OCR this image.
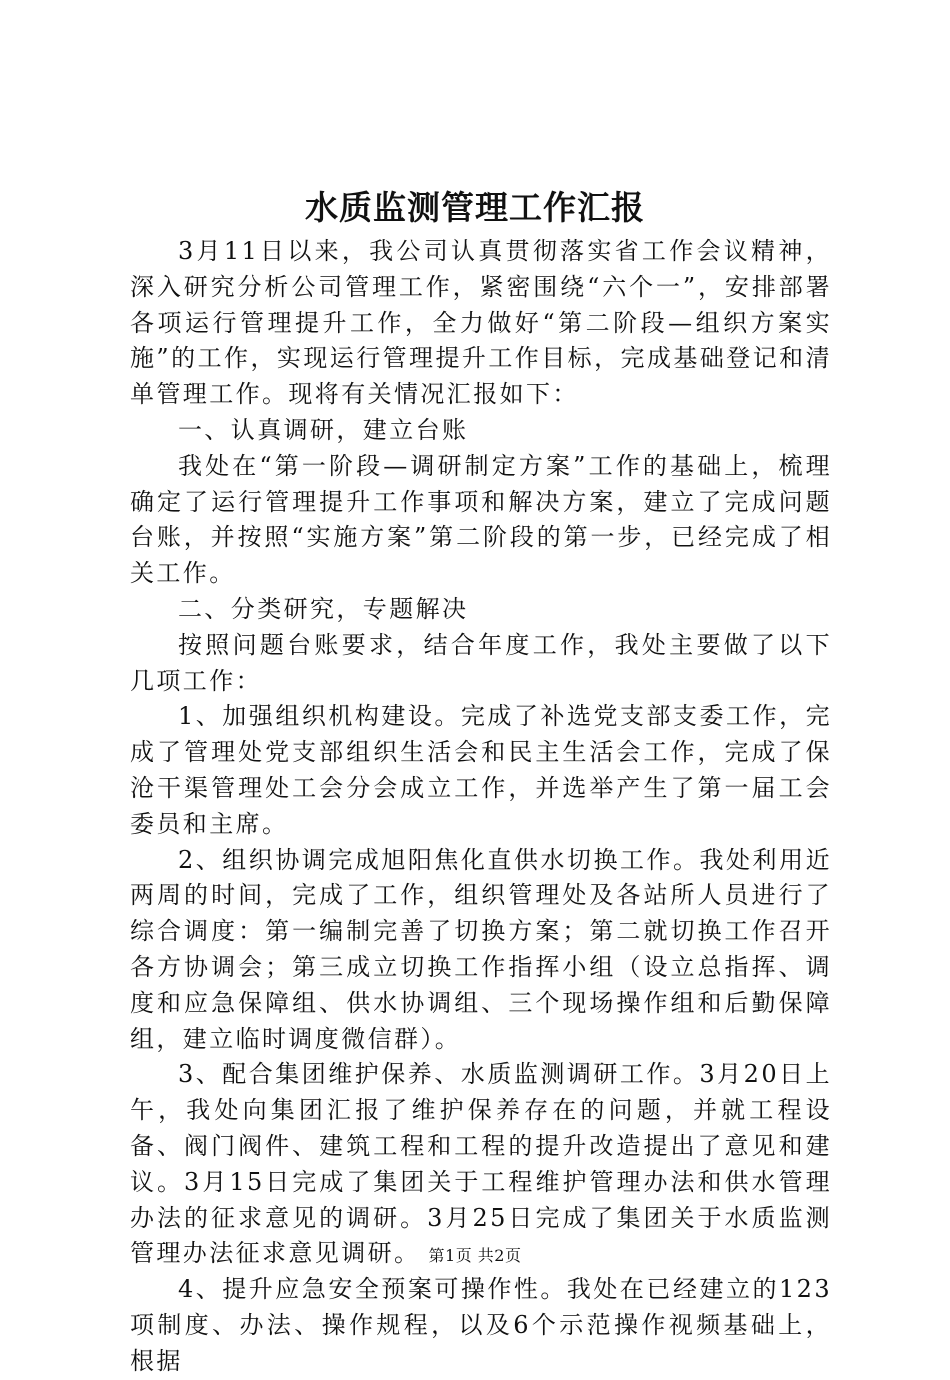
水质监测管理工作汇报

3月11日以来，我公司认真贯彻落实省工作会议精神，深入研究分析公司管理工作，紧密围绕“六个一”，安排部署各项运行管理提升工作，全力做好“第二阶段—组织方案实施”的工作，实现运行管理提升工作目标，完成基础登记和清单管理工作。现将有关情况汇报如下：

一、认真调研，建立台账

我处在“第一阶段—调研制定方案”工作的基础上，梳理确定了运行管理提升工作事项和解决方案，建立了完成问题台账，并按照“实施方案”第二阶段的第一步，已经完成了相关工作。

二、分类研究，专题解决

按照问题台账要求，结合年度工作，我处主要做了以下几项工作：

1、加强组织机构建设。完成了补选党支部支委工作，完成了管理处党支部组织生活会和民主生活会工作，完成了保沧干渠管理处工会分会成立工作，并选举产生了第一届工会委员和主席。

2、组织协调完成旭阳焦化直供水切换工作。我处利用近两周的时间，完成了工作，组织管理处及各站所人员进行了综合调度：第一编制完善了切换方案；第二就切换工作召开各方协调会；第三成立切换工作指挥小组（设立总指挥、调度和应急保障组、供水协调组、三个现场操作组和后勤保障组，建立临时调度微信群）。

3、配合集团维护保养、水质监测调研工作。3月20日上午，我处向集团汇报了维护保养存在的问题，并就工程设备、阀门阀件、建筑工程和工程的提升改造提出了意见和建议。3月15日完成了集团关于工程维护管理办法和供水管理办法的征求意见的调研。3月25日完成了集团关于水质监测管理办法征求意见调研。

4、提升应急安全预案可操作性。我处在已经建立的123项制度、办法、操作规程，以及6个示范操作视频基础上，根据

第1页 共2页
